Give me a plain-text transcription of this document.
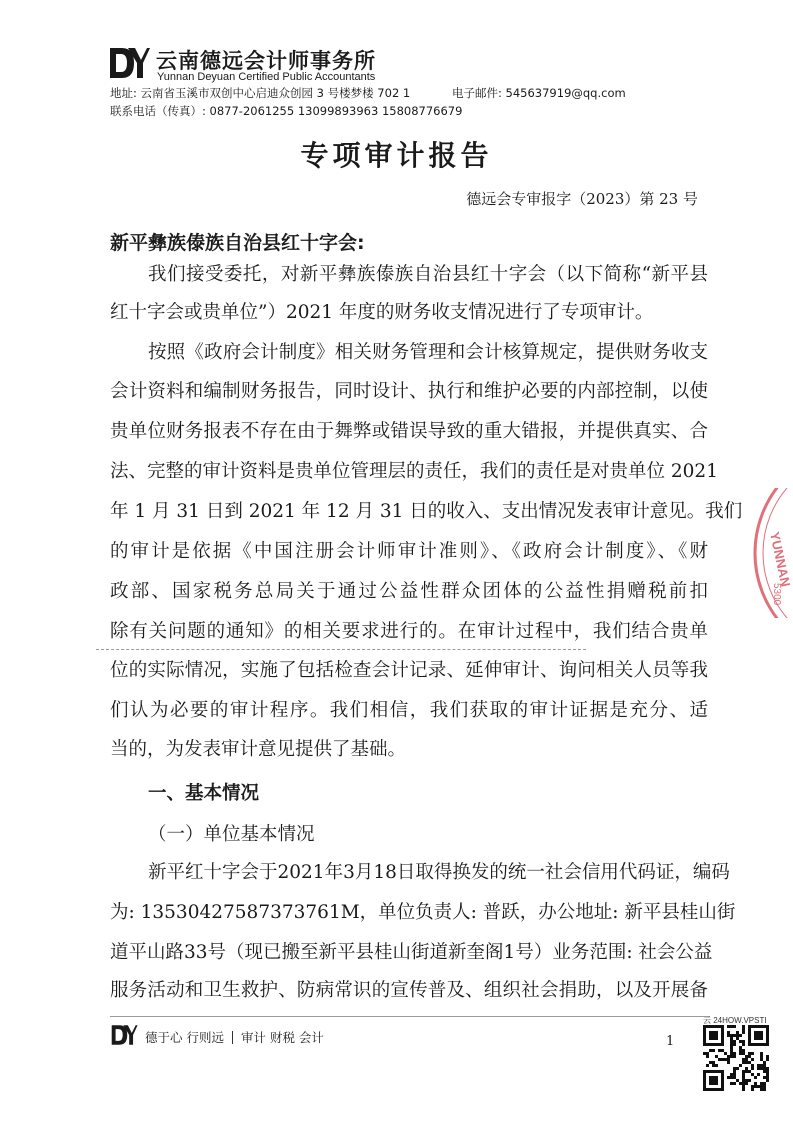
云南德远会计师事务所
Yunnan Deyuan Certified Public Accountants
地址: 云南省玉溪市双创中心启迪众创园 3 号楼梦楼 702 1	电子邮件: 545637919@qq.com
联系电话（传真）: 0877-2061255 13099893963 15808776679
专项审计报告
德远会专审报字（2023）第 23 号
新平彝族傣族自治县红十字会:
我们接受委托，对新平彝族傣族自治县红十字会（以下简称“新平县
红十字会或贵单位”）2021 年度的财务收支情况进行了专项审计。
按照《政府会计制度》相关财务管理和会计核算规定，提供财务收支
会计资料和编制财务报告，同时设计、执行和维护必要的内部控制，以使
贵单位财务报表不存在由于舞弊或错误导致的重大错报，并提供真实、合
法、完整的审计资料是贵单位管理层的责任，我们的责任是对贵单位 2021
年 1 月 31 日到 2021 年 12 月 31 日的收入、支出情况发表审计意见。我们
的审计是依据《中国注册会计师审计准则》、《政府会计制度》、《财
政部、国家税务总局关于通过公益性群众团体的公益性捐赠税前扣
除有关问题的通知》的相关要求进行的。在审计过程中，我们结合贵单
位的实际情况，实施了包括检查会计记录、延伸审计、询问相关人员等我
们认为必要的审计程序。我们相信，我们获取的审计证据是充分、适
当的，为发表审计意见提供了基础。
一、基本情况
（一）单位基本情况
新平红十字会于2021年3月18日取得换发的统一社会信用代码证，编码
为: 13530427587373761M，单位负责人: 普跃，办公地址: 新平县桂山街
道平山路33号（现已搬至新平县桂山街道新奎阁1号）业务范围: 社会公益
服务活动和卫生救护、防病常识的宣传普及、组织社会捐助，以及开展备
YUNNAN
5300
德于心 行则远 审计 财税 会计	1
云 24HOW.VPSTI
